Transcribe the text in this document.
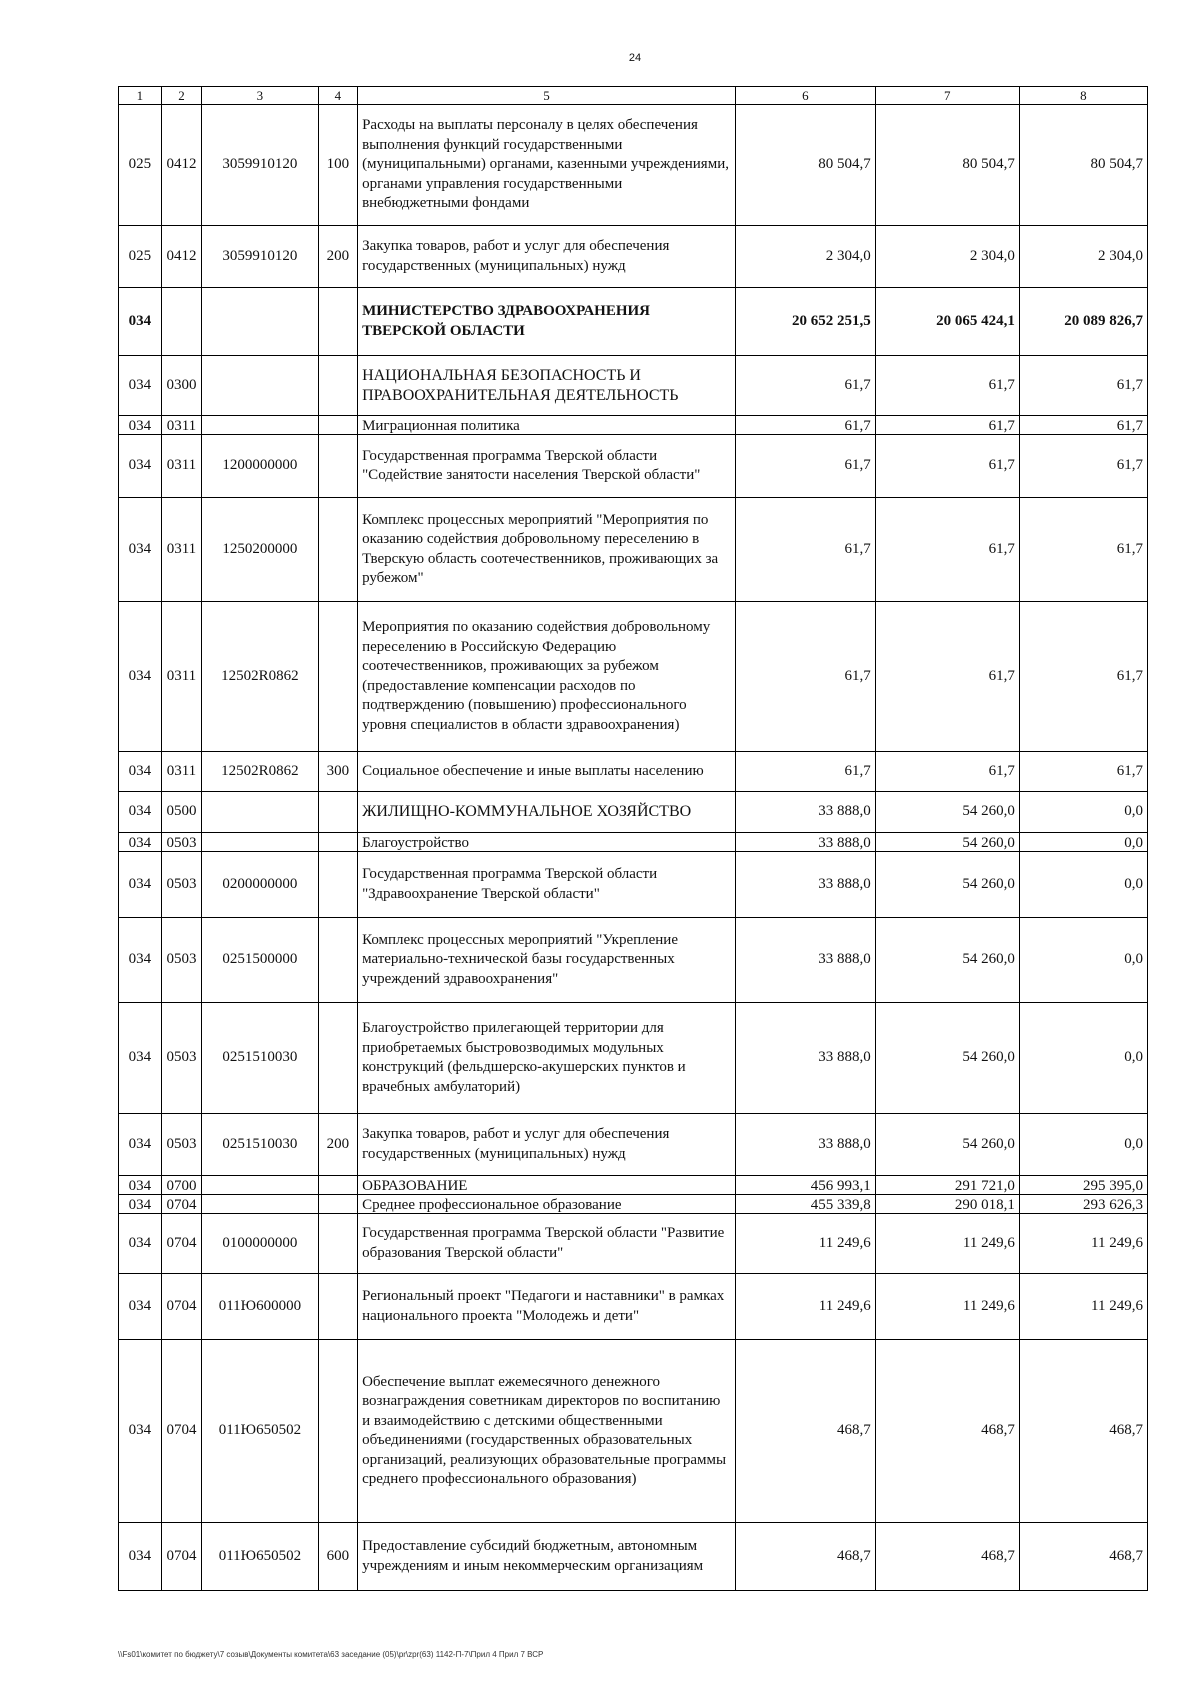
24
1	2	3	4	5	6	7	8
025	0412	3059910120	100	Расходы на выплаты персоналу в целях обеспечения выполнения функций государственными (муниципальными) органами, казенными учреждениями, органами управления государственными внебюджетными фондами	80 504,7	80 504,7	80 504,7
025	0412	3059910120	200	Закупка товаров, работ и услуг для обеспечения государственных (муниципальных) нужд	2 304,0	2 304,0	2 304,0
034				МИНИСТЕРСТВО ЗДРАВООХРАНЕНИЯ ТВЕРСКОЙ ОБЛАСТИ	20 652 251,5	20 065 424,1	20 089 826,7
034	0300			НАЦИОНАЛЬНАЯ БЕЗОПАСНОСТЬ И ПРАВООХРАНИТЕЛЬНАЯ ДЕЯТЕЛЬНОСТЬ	61,7	61,7	61,7
034	0311			Миграционная политика	61,7	61,7	61,7
034	0311	1200000000		Государственная программа Тверской области "Содействие занятости населения Тверской области"	61,7	61,7	61,7
034	0311	1250200000		Комплекс процессных мероприятий "Мероприятия по оказанию содействия добровольному переселению в Тверскую область соотечественников, проживающих за рубежом"	61,7	61,7	61,7
034	0311	12502R0862		Мероприятия по оказанию содействия добровольному переселению в Российскую Федерацию соотечественников, проживающих за рубежом (предоставление компенсации расходов по подтверждению (повышению) профессионального уровня специалистов в области здравоохранения)	61,7	61,7	61,7
034	0311	12502R0862	300	Социальное обеспечение и иные выплаты населению	61,7	61,7	61,7
034	0500			ЖИЛИЩНО-КОММУНАЛЬНОЕ ХОЗЯЙСТВО	33 888,0	54 260,0	0,0
034	0503			Благоустройство	33 888,0	54 260,0	0,0
034	0503	0200000000		Государственная программа Тверской области "Здравоохранение Тверской области"	33 888,0	54 260,0	0,0
034	0503	0251500000		Комплекс процессных мероприятий "Укрепление материально-технической базы государственных учреждений здравоохранения"	33 888,0	54 260,0	0,0
034	0503	0251510030		Благоустройство прилегающей территории для приобретаемых быстровозводимых модульных конструкций (фельдшерско-акушерских пунктов и врачебных амбулаторий)	33 888,0	54 260,0	0,0
034	0503	0251510030	200	Закупка товаров, работ и услуг для обеспечения государственных (муниципальных) нужд	33 888,0	54 260,0	0,0
034	0700			ОБРАЗОВАНИЕ	456 993,1	291 721,0	295 395,0
034	0704			Среднее профессиональное образование	455 339,8	290 018,1	293 626,3
034	0704	0100000000		Государственная программа Тверской области "Развитие образования Тверской области"	11 249,6	11 249,6	11 249,6
034	0704	011Ю600000		Региональный проект "Педагоги и наставники" в рамках национального проекта "Молодежь и дети"	11 249,6	11 249,6	11 249,6
034	0704	011Ю650502		Обеспечение выплат ежемесячного денежного вознаграждения советникам директоров по воспитанию и взаимодействию с детскими общественными объединениями (государственных образовательных организаций, реализующих образовательные программы среднего профессионального образования)	468,7	468,7	468,7
034	0704	011Ю650502	600	Предоставление субсидий бюджетным, автономным учреждениям и иным некоммерческим организациям	468,7	468,7	468,7
\\Fs01\комитет по бюджету\7 созыв\Документы комитета\63 заседание (05)\pr\zpr(63) 1142-П-7\Прил 4 Прил 7 ВСР
